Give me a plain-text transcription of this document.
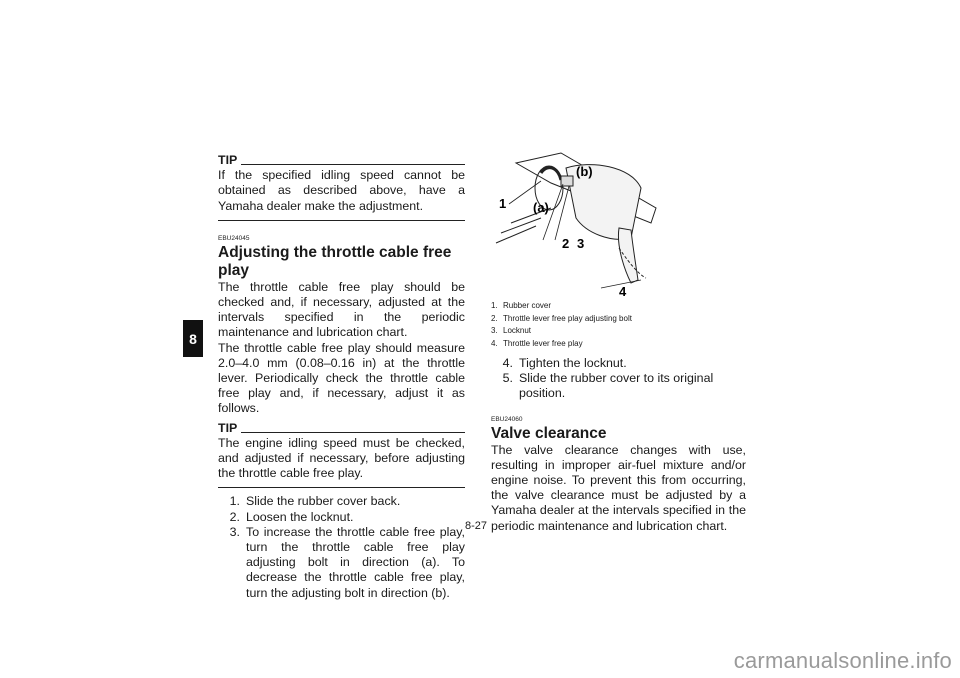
8
TIP
If the specified idling speed cannot be obtained as described above, have a Yamaha dealer make the adjustment.
EBU24045
Adjusting the throttle cable free play
The throttle cable free play should be checked and, if necessary, adjusted at the intervals specified in the periodic maintenance and lubrication chart.
The throttle cable free play should measure 2.0–4.0 mm (0.08–0.16 in) at the throttle lever. Periodically check the throttle cable free play and, if necessary, adjust it as follows.
TIP
The engine idling speed must be checked, and adjusted if necessary, before adjusting the throttle cable free play.
1. Slide the rubber cover back.
2. Loosen the locknut.
3. To increase the throttle cable free play, turn the throttle cable free play adjusting bolt in direction (a). To decrease the throttle cable free play, turn the adjusting bolt in direction (b).
1 (a)
(b)
2 3
4
1. Rubber cover
2. Throttle lever free play adjusting bolt
3. Locknut
4. Throttle lever free play
4. Tighten the locknut.
5. Slide the rubber cover to its original position.
EBU24060
Valve clearance
The valve clearance changes with use, resulting in improper air-fuel mixture and/or engine noise. To prevent this from occurring, the valve clearance must be adjusted by a Yamaha dealer at the intervals specified in the periodic maintenance and lubrication chart.
8-27
carmanualsonline.info
